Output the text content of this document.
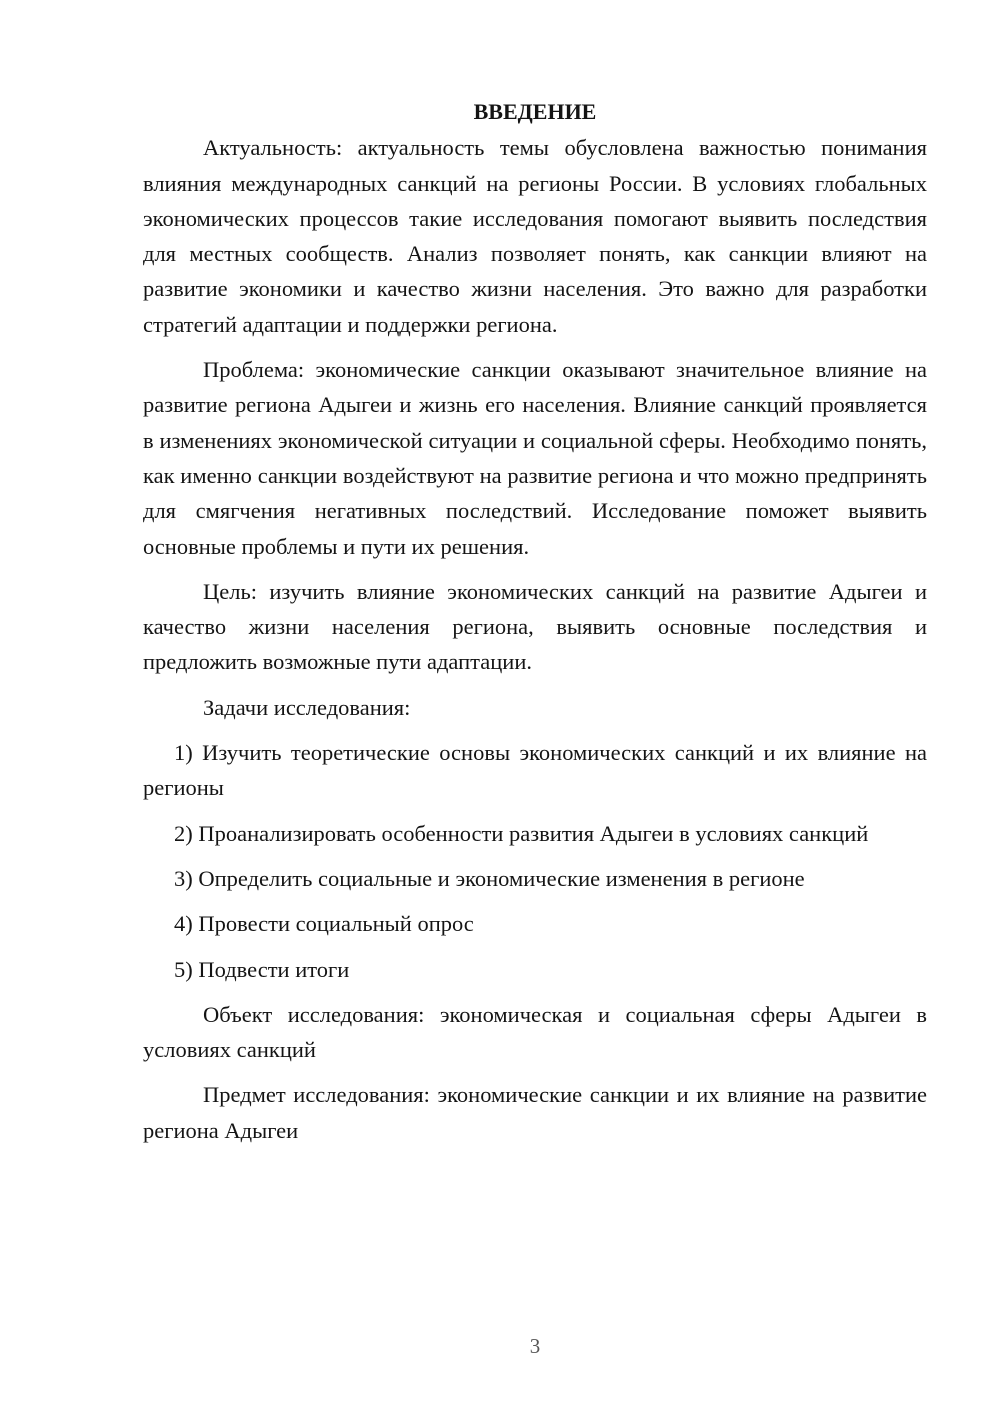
ВВЕДЕНИЕ

Актуальность: актуальность темы обусловлена важностью понимания влияния международных санкций на регионы России. В условиях глобальных экономических процессов такие исследования помогают выявить последствия для местных сообществ. Анализ позволяет понять, как санкции влияют на развитие экономики и качество жизни населения. Это важно для разработки стратегий адаптации и поддержки региона.

Проблема: экономические санкции оказывают значительное влияние на развитие региона Адыгеи и жизнь его населения. Влияние санкций проявляется в изменениях экономической ситуации и социальной сферы. Необходимо понять, как именно санкции воздействуют на развитие региона и что можно предпринять для смягчения негативных последствий. Исследование поможет выявить основные проблемы и пути их решения.

Цель: изучить влияние экономических санкций на развитие Адыгеи и качество жизни населения региона, выявить основные последствия и предложить возможные пути адаптации.

Задачи исследования:

1) Изучить теоретические основы экономических санкций и их влияние на регионы

2) Проанализировать особенности развития Адыгеи в условиях санкций

3) Определить социальные и экономические изменения в регионе

4) Провести социальный опрос

5) Подвести итоги

Объект исследования: экономическая и социальная сферы Адыгеи в условиях санкций

Предмет исследования: экономические санкции и их влияние на развитие региона Адыгеи

3
